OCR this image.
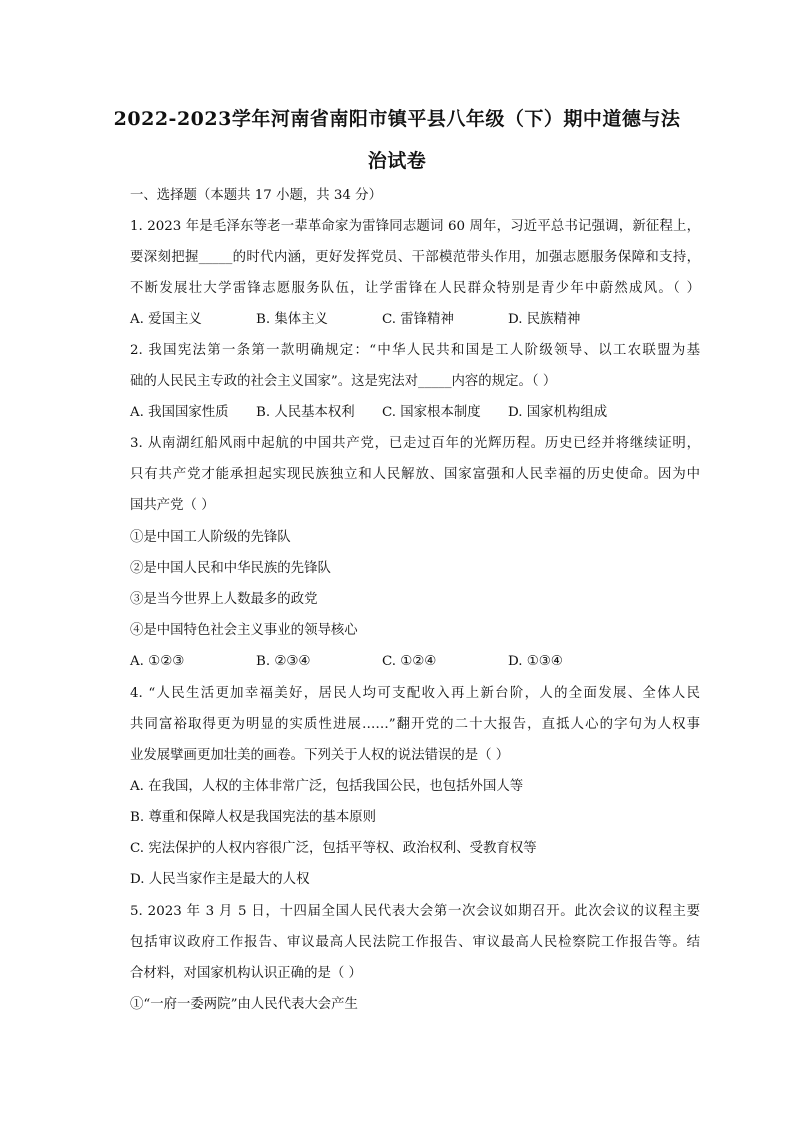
2022-2023学年河南省南阳市镇平县八年级（下）期中道德与法
治试卷
一、选择题（本题共 17 小题，共 34 分）
1. 2023 年是毛泽东等老一辈革命家为雷锋同志题词 60 周年，习近平总书记强调，新征程上，
要深刻把握_____的时代内涵，更好发挥党员、干部模范带头作用，加强志愿服务保障和支持，
不断发展壮大学雷锋志愿服务队伍，让学雷锋在人民群众特别是青少年中蔚然成风。（ ）
A. 爱国主义	B. 集体主义	C. 雷锋精神	D. 民族精神
2. 我国宪法第一条第一款明确规定：“中华人民共和国是工人阶级领导、以工农联盟为基
础的人民民主专政的社会主义国家”。这是宪法对_____内容的规定。（ ）
A. 我国国家性质 B. 人民基本权利 C. 国家根本制度 D. 国家机构组成
3. 从南湖红船风雨中起航的中国共产党，已走过百年的光辉历程。历史已经并将继续证明，
只有共产党才能承担起实现民族独立和人民解放、国家富强和人民幸福的历史使命。因为中
国共产党（ ）
①是中国工人阶级的先锋队
②是中国人民和中华民族的先锋队
③是当今世界上人数最多的政党
④是中国特色社会主义事业的领导核心
A. ①②③	B. ②③④	C. ①②④	D. ①③④
4. “人民生活更加幸福美好，居民人均可支配收入再上新台阶，人的全面发展、全体人民
共同富裕取得更为明显的实质性进展……”翻开党的二十大报告，直抵人心的字句为人权事
业发展擘画更加壮美的画卷。下列关于人权的说法错误的是（ ）
A. 在我国，人权的主体非常广泛，包括我国公民，也包括外国人等
B. 尊重和保障人权是我国宪法的基本原则
C. 宪法保护的人权内容很广泛，包括平等权、政治权利、受教育权等
D. 人民当家作主是最大的人权
5. 2023 年 3 月 5 日，十四届全国人民代表大会第一次会议如期召开。此次会议的议程主要
包括审议政府工作报告、审议最高人民法院工作报告、审议最高人民检察院工作报告等。结
合材料，对国家机构认识正确的是（ ）
①“一府一委两院”由人民代表大会产生
